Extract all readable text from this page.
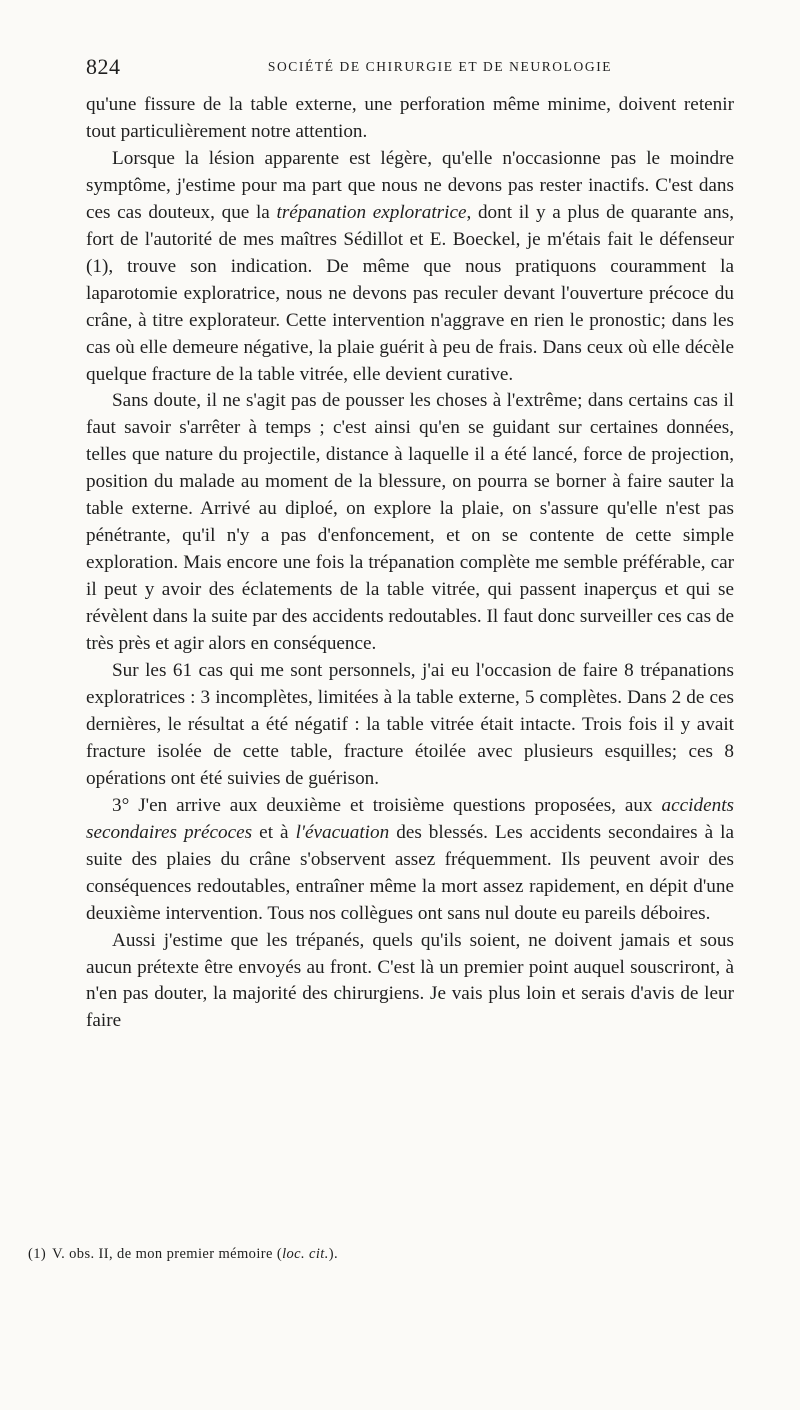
824	SOCIÉTÉ DE CHIRURGIE ET DE NEUROLOGIE

qu'une fissure de la table externe, une perforation même minime, doivent retenir tout particulièrement notre attention.

Lorsque la lésion apparente est légère, qu'elle n'occasionne pas le moindre symptôme, j'estime pour ma part que nous ne devons pas rester inactifs. C'est dans ces cas douteux, que la trépanation exploratrice, dont il y a plus de quarante ans, fort de l'autorité de mes maîtres Sédillot et E. Boeckel, je m'étais fait le défenseur (1), trouve son indication. De même que nous pratiquons couramment la laparotomie exploratrice, nous ne devons pas reculer devant l'ouverture précoce du crâne, à titre explorateur. Cette intervention n'aggrave en rien le pronostic; dans les cas où elle demeure négative, la plaie guérit à peu de frais. Dans ceux où elle décèle quelque fracture de la table vitrée, elle devient curative.

Sans doute, il ne s'agit pas de pousser les choses à l'extrême; dans certains cas il faut savoir s'arrêter à temps ; c'est ainsi qu'en se guidant sur certaines données, telles que nature du projectile, distance à laquelle il a été lancé, force de projection, position du malade au moment de la blessure, on pourra se borner à faire sauter la table externe. Arrivé au diploé, on explore la plaie, on s'assure qu'elle n'est pas pénétrante, qu'il n'y a pas d'enfoncement, et on se contente de cette simple exploration. Mais encore une fois la trépanation complète me semble préférable, car il peut y avoir des éclatements de la table vitrée, qui passent inaperçus et qui se révèlent dans la suite par des accidents redoutables. Il faut donc surveiller ces cas de très près et agir alors en conséquence.

Sur les 61 cas qui me sont personnels, j'ai eu l'occasion de faire 8 trépanations exploratrices : 3 incomplètes, limitées à la table externe, 5 complètes. Dans 2 de ces dernières, le résultat a été négatif : la table vitrée était intacte. Trois fois il y avait fracture isolée de cette table, fracture étoilée avec plusieurs esquilles; ces 8 opérations ont été suivies de guérison.

3° J'en arrive aux deuxième et troisième questions proposées, aux accidents secondaires précoces et à l'évacuation des blessés. Les accidents secondaires à la suite des plaies du crâne s'observent assez fréquemment. Ils peuvent avoir des conséquences redoutables, entraîner même la mort assez rapidement, en dépit d'une deuxième intervention. Tous nos collègues ont sans nul doute eu pareils déboires.

Aussi j'estime que les trépanés, quels qu'ils soient, ne doivent jamais et sous aucun prétexte être envoyés au front. C'est là un premier point auquel souscriront, à n'en pas douter, la majorité des chirurgiens. Je vais plus loin et serais d'avis de leur faire

(1) V. obs. II, de mon premier mémoire (loc. cit.).
